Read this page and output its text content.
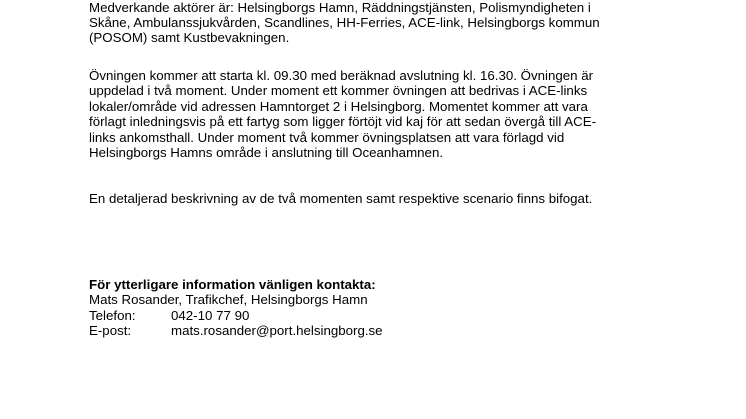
Medverkande aktörer är: Helsingborgs Hamn, Räddningstjänsten, Polismyndigheten i
Skåne, Ambulanssjukvården, Scandlines, HH-Ferries, ACE-link, Helsingborgs kommun
(POSOM) samt Kustbevakningen.

Övningen kommer att starta kl. 09.30 med beräknad avslutning kl. 16.30. Övningen är
uppdelad i två moment. Under moment ett kommer övningen att bedrivas i ACE-links
lokaler/område vid adressen Hamntorget 2 i Helsingborg. Momentet kommer att vara
förlagt inledningsvis på ett fartyg som ligger förtöjt vid kaj för att sedan övergå till ACE-
links ankomsthall. Under moment två kommer övningsplatsen att vara förlagd vid
Helsingborgs Hamns område i anslutning till Oceanhamnen.

En detaljerad beskrivning av de två momenten samt respektive scenario finns bifogat.

För ytterligare information vänligen kontakta:
Mats Rosander, Trafikchef, Helsingborgs Hamn
Telefon:	042-10 77 90
E-post:	mats.rosander@port.helsingborg.se
